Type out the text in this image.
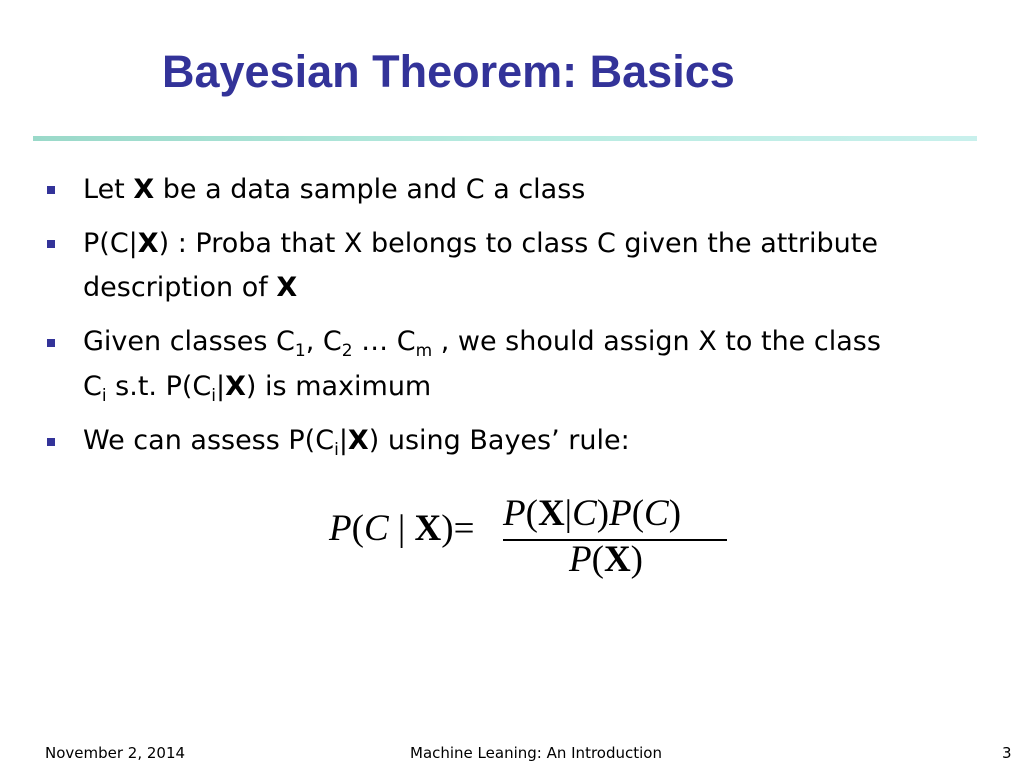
Bayesian Theorem: Basics
Let X be a data sample and C a class
P(C|X) : Proba that X belongs to class C given the attribute
description of X
Given classes $C_1$, $C_2$ … $C_m$ , we should assign X to the class
$C_i$ s.t. $P(C_i|X)$ is maximum
We can assess $P(C_i|X)$ using Bayes’ rule:
P(C | X)= P(X|C)P(C)
P(X)
November 2, 2014	Machine Leaning: An Introduction	3
